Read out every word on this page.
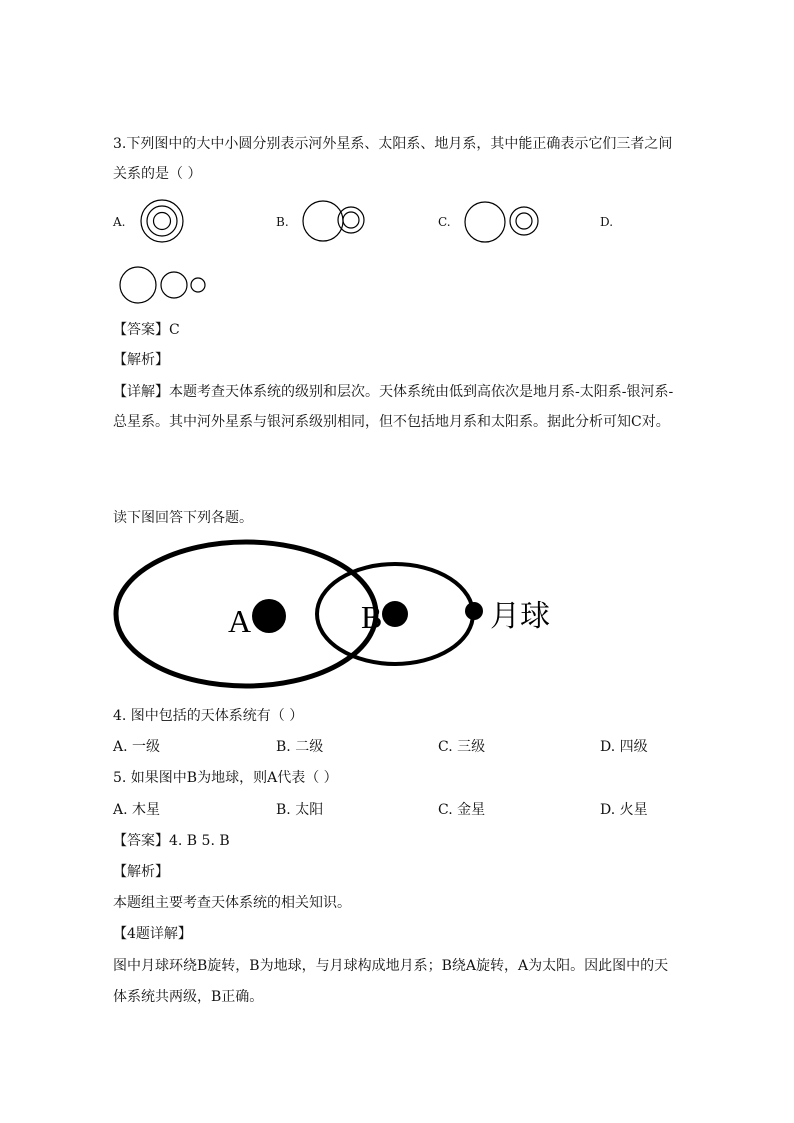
3.下列图中的大中小圆分别表示河外星系、太阳系、地月系，其中能正确表示它们三者之间
关系的是（ ）
A.	B.	C.	D.
【答案】C
【解析】
【详解】本题考查天体系统的级别和层次。天体系统由低到高依次是地月系-太阳系-银河系-
总星系。其中河外星系与银河系级别相同，但不包括地月系和太阳系。据此分析可知C对。
读下图回答下列各题。
A	B	月球
4. 图中包括的天体系统有（ ）
A. 一级	B. 二级	C. 三级	D. 四级
5. 如果图中B为地球，则A代表（ ）
A. 木星	B. 太阳	C. 金星	D. 火星
【答案】4. B 5. B
【解析】
本题组主要考查天体系统的相关知识。
【4题详解】
图中月球环绕B旋转，B为地球，与月球构成地月系；B绕A旋转，A为太阳。因此图中的天
体系统共两级，B正确。
